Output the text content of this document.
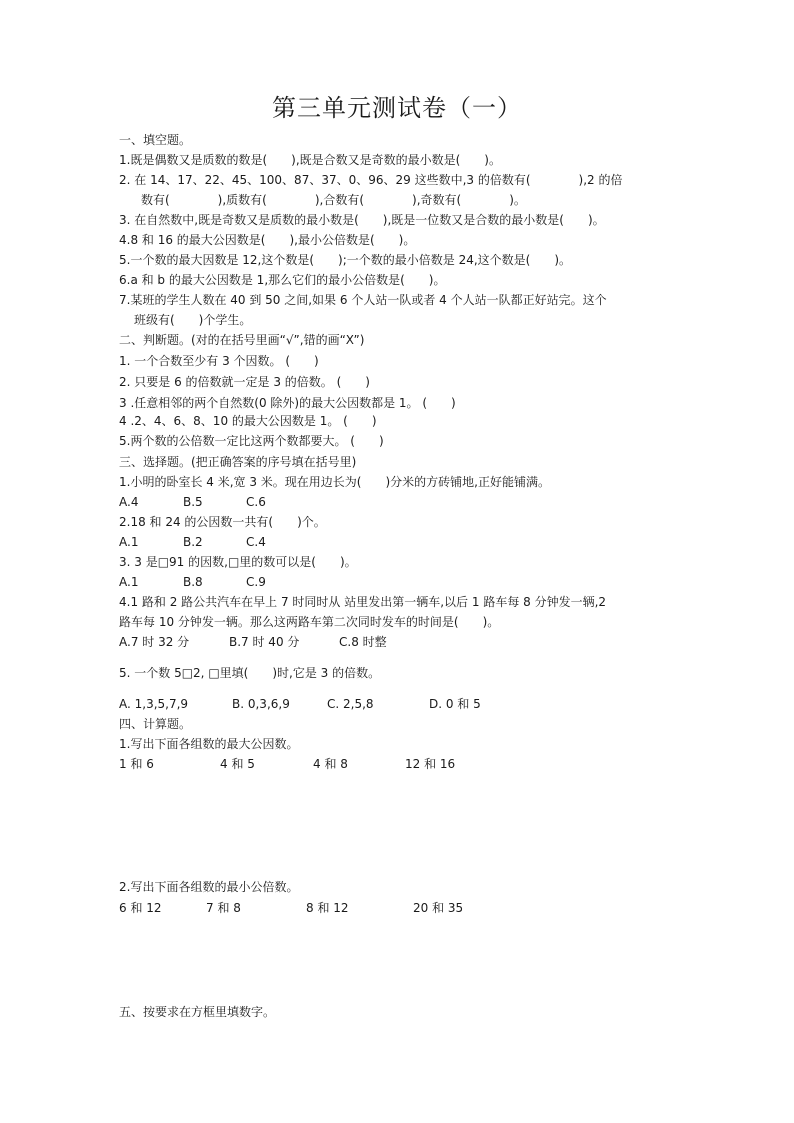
第三单元测试卷（一）
一、填空题。
1.既是偶数又是质数的数是(　　),既是合数又是奇数的最小数是(　　)。
2. 在 14、17、22、45、100、87、37、0、96、29 这些数中,3 的倍数有(　　　　),2 的倍
数有(　　　　),质数有(　　　　),合数有(　　　　),奇数有(　　　　)。
3. 在自然数中,既是奇数又是质数的最小数是(　　),既是一位数又是合数的最小数是(　　)。
4.8 和 16 的最大公因数是(　　),最小公倍数是(　　)。
5.一个数的最大因数是 12,这个数是(　　);一个数的最小倍数是 24,这个数是(　　)。
6.a 和 b 的最大公因数是 1,那么它们的最小公倍数是(　　)。
7.某班的学生人数在 40 到 50 之间,如果 6 个人站一队或者 4 个人站一队都正好站完。这个
班级有(　　)个学生。
二、判断题。(对的在括号里画“√”,错的画“X”)
1. 一个合数至少有 3 个因数。 (　　)
2. 只要是 6 的倍数就一定是 3 的倍数。 (　　)
3 .任意相邻的两个自然数(0 除外)的最大公因数都是 1。 (　　)
4 .2、4、6、8、10 的最大公因数是 1。 (　　)
5.两个数的公倍数一定比这两个数都要大。 (　　)
三、选择题。(把正确答案的序号填在括号里)
1.小明的卧室长 4 米,宽 3 米。现在用边长为(　　)分米的方砖铺地,正好能铺满。
A.4	B.5	C.6
2.18 和 24 的公因数一共有(　　)个。
A.1	B.2	C.4
3. 3 是□91 的因数,□里的数可以是(　　)。
A.1	B.8	C.9
4.1 路和 2 路公共汽车在早上 7 时同时从 站里发出第一辆车,以后 1 路车每 8 分钟发一辆,2
路车每 10 分钟发一辆。那么这两路车第二次同时发车的时间是(　　)。
A.7 时 32 分	B.7 时 40 分	C.8 时整
5. 一个数 5□2, □里填(　　)时,它是 3 的倍数。
A. 1,3,5,7,9	B. 0,3,6,9	C. 2,5,8	D. 0 和 5
四、计算题。
1.写出下面各组数的最大公因数。
1 和 6	4 和 5	4 和 8	12 和 16
2.写出下面各组数的最小公倍数。
6 和 12	7 和 8	8 和 12	20 和 35
五、按要求在方框里填数字。
